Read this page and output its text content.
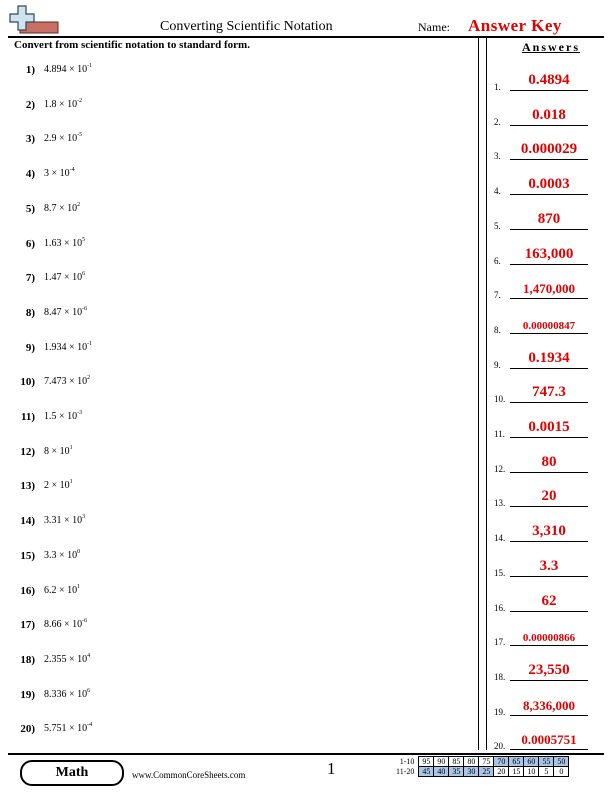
Converting Scientific Notation	Name: Answer Key
Convert from scientific notation to standard form.	Answers
1) $4.894 \times 10^{-1}$
2) $1.8 \times 10^{-2}$
3) $2.9 \times 10^{-5}$
4) $3 \times 10^{-4}$
5) $8.7 \times 10^2$
6) $1.63 \times 10^5$
7) $1.47 \times 10^6$
8) $8.47 \times 10^{-6}$
9) $1.934 \times 10^{-1}$
10) $7.473 \times 10^2$
11) $1.5 \times 10^{-3}$
12) $8 \times 10^1$
13) $2 \times 10^1$
14) $3.31 \times 10^3$
15) $3.3 \times 10^0$
16) $6.2 \times 10^1$
17) $8.66 \times 10^{-6}$
18) $2.355 \times 10^4$
19) $8.336 \times 10^6$
20) $5.751 \times 10^{-4}$
1.	0.4894
2.	0.018
3.	0.000029
4.	0.0003
5.	870
6.	163,000
7.	1,470,000
8.	0.00000847
9.	0.1934
10.	747.3
11.	0.0015
12.	80
13.	20
14.	3,310
15.	3.3
16.	62
17.	0.00000866
18.	23,550
19.	8,336,000
20.	0.0005751
Math	www.CommonCoreSheets.com	1	1-10	95	90	85	80	75	70	65	60	55	50
11-20	45	40	35	30	25	20	15	10	5	0
